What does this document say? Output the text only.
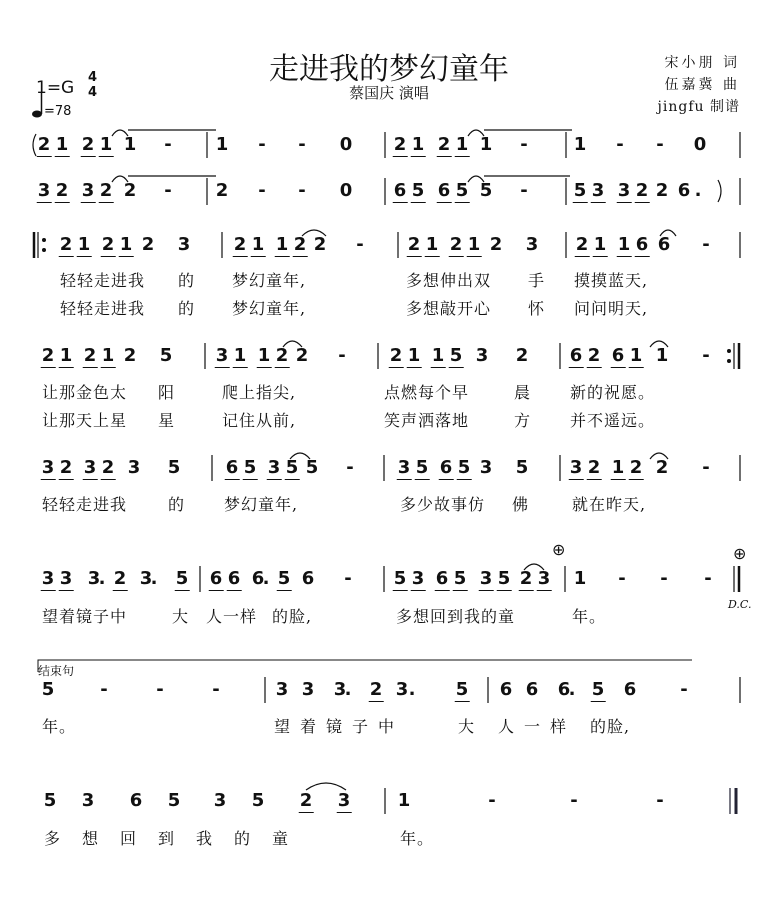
走进我的梦幻童年
蔡国庆 演唱
宋小朋 词
伍嘉冀 曲
jingfu 制谱
1=G
4
4
=78
2 1 2 1 1 - 1 - - 0 2 1 2 1 1 -	1 - - 0
3 2 3 2 2 - 2 - - 0 6 5 6 5 5 -	5 3 3 2 2 6 .
2 1 2 1 2 3 2 1 1 2 2 - 2 1 2 1 2 3 2 1 1 6 6 -
2 1 2 1 2 5 3 1 1 2 2 - 2 1 1 5 3 2 6 2 6 1 1 -
3 2 3 2 3 5	6 5 3 5 5 - 3 5 6 5 3 5 3 2 1 2 2 -
3 3 3
. 2 3
. 5 6 6 6
. 5 6 - 5 3 6 5 3 5 2 3 1 - - -
5	-	-	-	3 3 3
. 2 3 . 5 6 6 6
. 5 6 -
5 3 6 5 3 5 2 3	1	-	-	-
结束句
D.C.
⊕	⊕
轻轻走进我 的 梦幻童年,	多想伸出双 手 摸摸蓝天,
轻轻走进我 的 梦幻童年,	多想敲开心 怀 问问明天,
让那金色太 阳	爬上指尖,	点燃每个早	晨 新的祝愿。
让那天上星 星	记住从前,	笑声洒落地	方 并不遥远。
轻轻走进我	的 梦幻童年,	多少故事仿 佛	就在昨天,
望着镜子中	大 人一样 的脸,	多想回到我的童	年。
年。	望着镜子中	大 人一样 的脸,
多想回到我的童	年。
